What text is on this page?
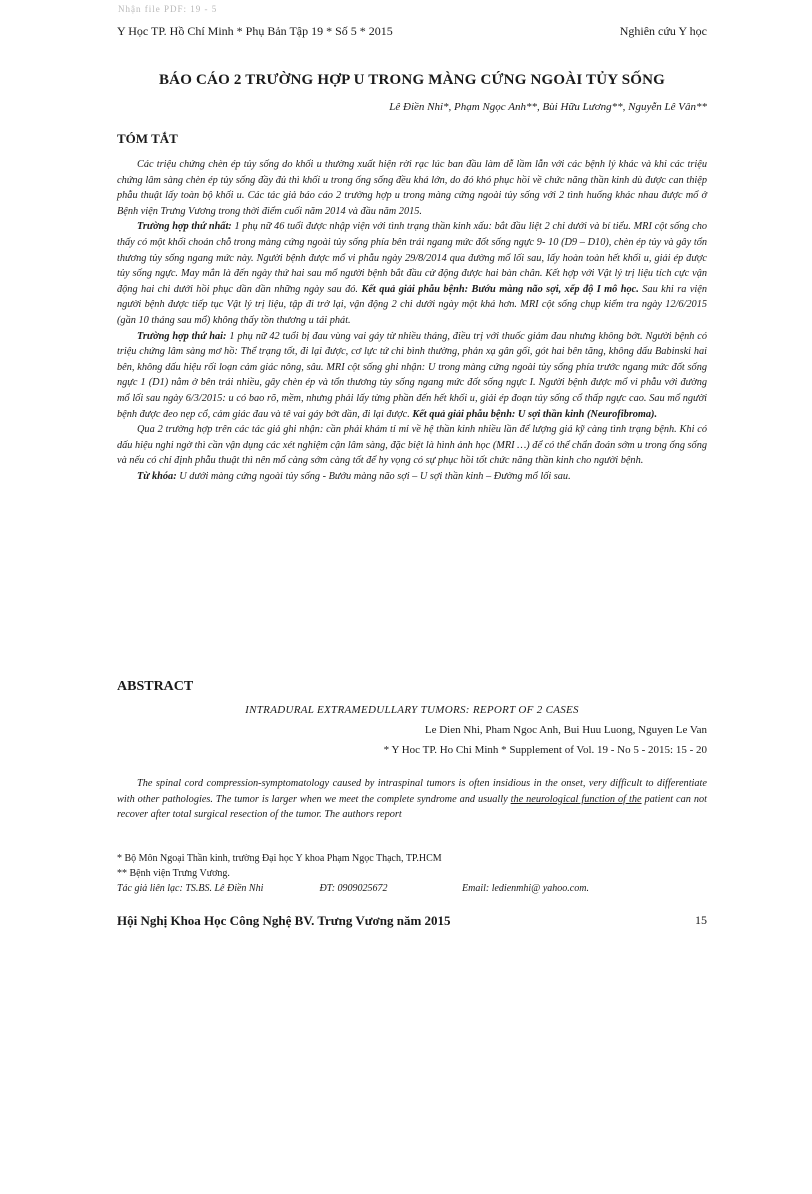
Nhận file PDF: 19 - 5
Y Học TP. Hồ Chí Minh * Phụ Bản Tập 19 * Số 5 * 2015	Nghiên cứu Y học
BÁO CÁO 2 TRƯỜNG HỢP U TRONG MÀNG CỨNG NGOÀI TỦY SỐNG
Lê Điền Nhi*, Phạm Ngọc Anh**, Bùi Hữu Lương**, Nguyễn Lê Vân**
TÓM TẮT

Các triệu chứng chèn ép tủy sống do khối u thường xuất hiện rời rạc lúc ban đầu làm dễ lầm lẫn với các bệnh lý khác và khi các triệu chứng lâm sàng chèn ép tủy sống đầy đủ thì khối u trong ống sống đều khá lớn, do đó khó phục hồi về chức năng thần kinh dù được can thiệp phẫu thuật lấy toàn bộ khối u. Các tác giả báo cáo 2 trường hợp u trong màng cứng ngoài tủy sống với 2 tình huống khác nhau được mổ ở Bệnh viện Trưng Vương trong thời điểm cuối năm 2014 và đầu năm 2015.

Trường hợp thứ nhất: 1 phụ nữ 46 tuổi được nhập viện với tình trạng thần kinh xấu: bắt đầu liệt 2 chi dưới và bí tiểu. MRI cột sống cho thấy có một khối choán chỗ trong màng cứng ngoài tủy sống phía bên trái ngang mức đốt sống ngực 9- 10 (D9 – D10), chèn ép tủy và gây tổn thương tủy sống ngang mức này. Người bệnh được mổ vi phẫu ngày 29/8/2014 qua đường mổ lối sau, lấy hoàn toàn hết khối u, giải ép được tủy sống ngực. May mắn là đến ngày thứ hai sau mổ người bệnh bắt đầu cử động được hai bàn chân. Kết hợp với Vật lý trị liệu tích cực vận động hai chi dưới hồi phục dần dần những ngày sau đó. Kết quả giải phẫu bệnh: Bướu màng não sợi, xếp độ I mô học. Sau khi ra viện người bệnh được tiếp tục Vật lý trị liệu, tập đi trở lại, vận động 2 chi dưới ngày một khá hơn. MRI cột sống chụp kiểm tra ngày 12/6/2015 (gần 10 tháng sau mổ) không thấy tồn thương u tái phát.

Trường hợp thứ hai: 1 phụ nữ 42 tuổi bị đau vùng vai gáy từ nhiều tháng, điều trị với thuốc giảm đau nhưng không bớt. Người bệnh có triệu chứng lâm sàng mơ hồ: Thể trạng tốt, đi lại được, cơ lực tứ chi bình thường, phản xạ gân gối, gót hai bên tăng, không dấu Babinski hai bên, không dấu hiệu rối loạn cảm giác nông, sâu. MRI cột sống ghi nhận: U trong màng cứng ngoài tủy sống phía trước ngang mức đốt sống ngực 1 (D1) nằm ở bên trái nhiều, gây chèn ép và tổn thương tủy sống ngang mức đốt sống ngực I. Người bệnh được mổ vi phẫu với đường mổ lối sau ngày 6/3/2015: u có bao rõ, mềm, nhưng phải lấy từng phần đến hết khối u, giải ép đoạn tủy sống cổ thấp ngực cao. Sau mổ người bệnh được đeo nẹp cổ, cảm giác đau và tê vai gáy bớt dần, đi lại được. Kết quả giải phẫu bệnh: U sợi thần kinh (Neurofibroma).

Qua 2 trường hợp trên các tác giả ghi nhận: cần phải khám tỉ mỉ về hệ thần kinh nhiều lần để lượng giá kỹ càng tình trạng bệnh. Khi có dấu hiệu nghi ngờ thì cần vận dụng các xét nghiệm cận lâm sàng, đặc biệt là hình ảnh học (MRI …) để có thể chẩn đoán sớm u trong ống sống và nếu có chỉ định phẫu thuật thì nên mổ càng sớm càng tốt để hy vọng có sự phục hồi tốt chức năng thần kinh cho người bệnh.

Từ khóa: U dưới màng cứng ngoài tủy sống - Bướu màng não sợi – U sợi thần kinh – Đường mổ lối sau.

ABSTRACT
INTRADURAL EXTRAMEDULLARY TUMORS: REPORT OF 2 CASES
Le Dien Nhi, Pham Ngoc Anh, Bui Huu Luong, Nguyen Le Van
* Y Hoc TP. Ho Chi Minh * Supplement of Vol. 19 - No 5 - 2015: 15 - 20

The spinal cord compression-symptomatology caused by intraspinal tumors is often insidious in the onset, very difficult to differentiate with other pathologies. The tumor is larger when we meet the complete syndrome and usually the neurological function of the patient can not recover after total surgical resection of the tumor. The authors report

* Bộ Môn Ngoại Thần kinh, trường Đại học Y khoa Phạm Ngọc Thạch, TP.HCM
** Bệnh viện Trưng Vương.
Tác giả liên lạc: TS.BS. Lê Điền Nhi	ĐT: 0909025672	Email: ledienmhi@ yahoo.com.
Hội Nghị Khoa Học Công Nghệ BV. Trưng Vương năm 2015	15
